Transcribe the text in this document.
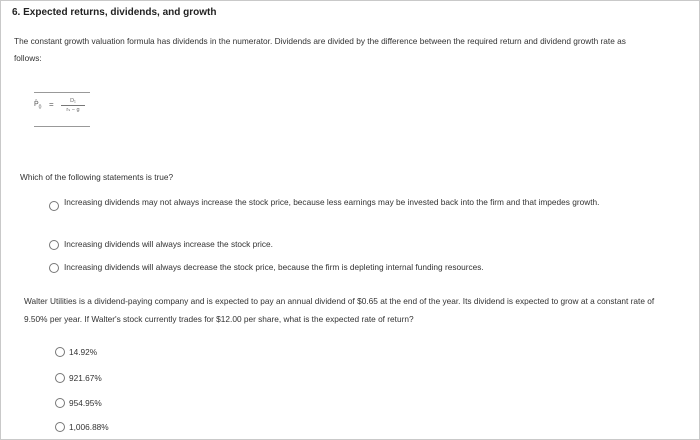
6. Expected returns, dividends, and growth
The constant growth valuation formula has dividends in the numerator. Dividends are divided by the difference between the required return and dividend growth rate as follows:
$P̂_0$ =	D₁
rₛ − g
Which of the following statements is true?
Increasing dividends may not always increase the stock price, because less earnings may be invested back into the firm and that impedes growth.
Increasing dividends will always increase the stock price.
Increasing dividends will always decrease the stock price, because the firm is depleting internal funding resources.
Walter Utilities is a dividend-paying company and is expected to pay an annual dividend of $0.65 at the end of the year. Its dividend is expected to grow at a constant rate of 9.50% per year. If Walter's stock currently trades for $12.00 per share, what is the expected rate of return?
14.92%
921.67%
954.95%
1,006.88%
